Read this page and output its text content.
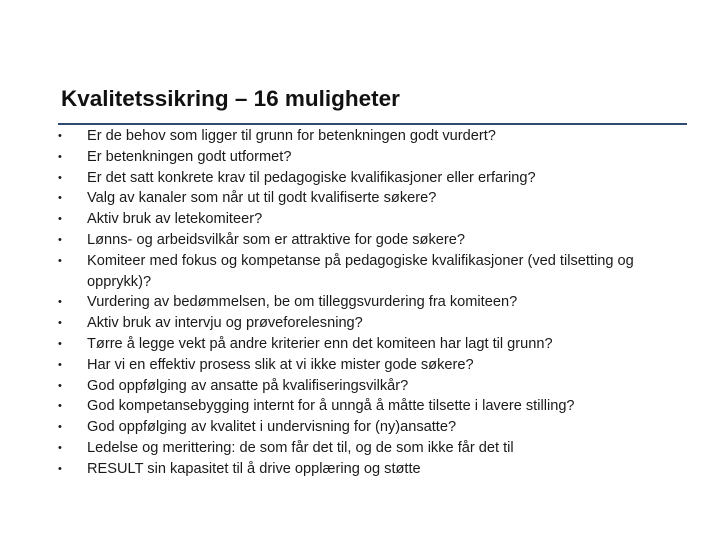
Kvalitetssikring – 16 muligheter
•	Er de behov som ligger til grunn for betenkningen godt vurdert?
•	Er betenkningen godt utformet?
•	Er det satt konkrete krav til pedagogiske kvalifikasjoner eller erfaring?
•	Valg av kanaler som når ut til godt kvalifiserte søkere?
•	Aktiv bruk av letekomiteer?
•	Lønns- og arbeidsvilkår som er attraktive for gode søkere?
•	Komiteer med fokus og kompetanse på pedagogiske kvalifikasjoner (ved tilsetting og opprykk)?
•	Vurdering av bedømmelsen, be om tilleggsvurdering fra komiteen?
•	Aktiv bruk av intervju og prøveforelesning?
•	Tørre å legge vekt på andre kriterier enn det komiteen har lagt til grunn?
•	Har vi en effektiv prosess slik at vi ikke mister gode søkere?
•	God oppfølging av ansatte på kvalifiseringsvilkår?
•	God kompetansebygging internt for å unngå å måtte tilsette i lavere stilling?
•	God oppfølging av kvalitet i undervisning for (ny)ansatte?
•	Ledelse og merittering: de som får det til, og de som ikke får det til
•	RESULT sin kapasitet til å drive opplæring og støtte
